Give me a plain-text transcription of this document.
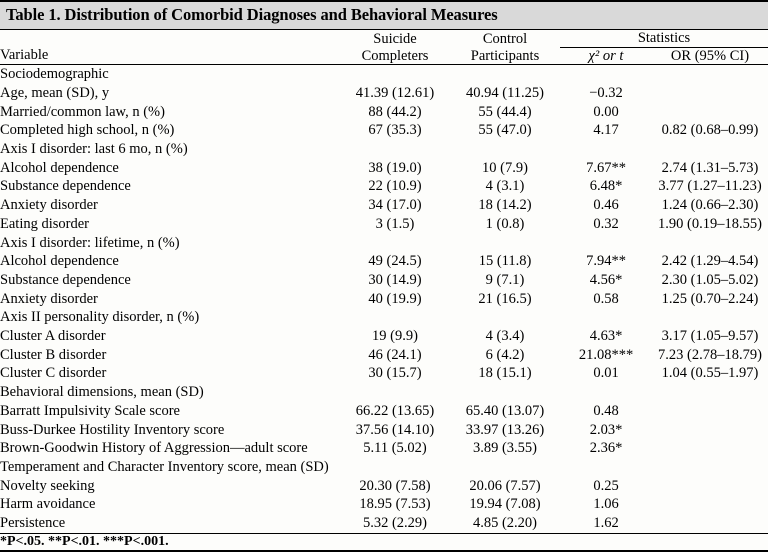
Table 1. Distribution of Comorbid Diagnoses and Behavioral Measures
	Suicide	Control	Statistics	
Variable	Completers	Participants	χ² or t	OR (95% CI)
Sociodemographic				
Age, mean (SD), y	41.39 (12.61)	40.94 (11.25)	−0.32	
Married/common law, n (%)	88 (44.2)	55 (44.4)	0.00	
Completed high school, n (%)	67 (35.3)	55 (47.0)	4.17	0.82 (0.68–0.99)
Axis I disorder: last 6 mo, n (%)				
Alcohol dependence	38 (19.0)	10 (7.9)	7.67**	2.74 (1.31–5.73)
Substance dependence	22 (10.9)	4 (3.1)	6.48*	3.77 (1.27–11.23)
Anxiety disorder	34 (17.0)	18 (14.2)	0.46	1.24 (0.66–2.30)
Eating disorder	3 (1.5)	1 (0.8)	0.32	1.90 (0.19–18.55)
Axis I disorder: lifetime, n (%)				
Alcohol dependence	49 (24.5)	15 (11.8)	7.94**	2.42 (1.29–4.54)
Substance dependence	30 (14.9)	9 (7.1)	4.56*	2.30 (1.05–5.02)
Anxiety disorder	40 (19.9)	21 (16.5)	0.58	1.25 (0.70–2.24)
Axis II personality disorder, n (%)				
Cluster A disorder	19 (9.9)	4 (3.4)	4.63*	3.17 (1.05–9.57)
Cluster B disorder	46 (24.1)	6 (4.2)	21.08***	7.23 (2.78–18.79)
Cluster C disorder	30 (15.7)	18 (15.1)	0.01	1.04 (0.55–1.97)
Behavioral dimensions, mean (SD)				
Barratt Impulsivity Scale score	66.22 (13.65)	65.40 (13.07)	0.48	
Buss-Durkee Hostility Inventory score	37.56 (14.10)	33.97 (13.26)	2.03*	
Brown-Goodwin History of Aggression—adult score	5.11 (5.02)	3.89 (3.55)	2.36*	
Temperament and Character Inventory score, mean (SD)				
Novelty seeking	20.30 (7.58)	20.06 (7.57)	0.25	
Harm avoidance	18.95 (7.53)	19.94 (7.08)	1.06	
Persistence	5.32 (2.29)	4.85 (2.20)	1.62	
*P<.05. **P<.01. ***P<.001.				
